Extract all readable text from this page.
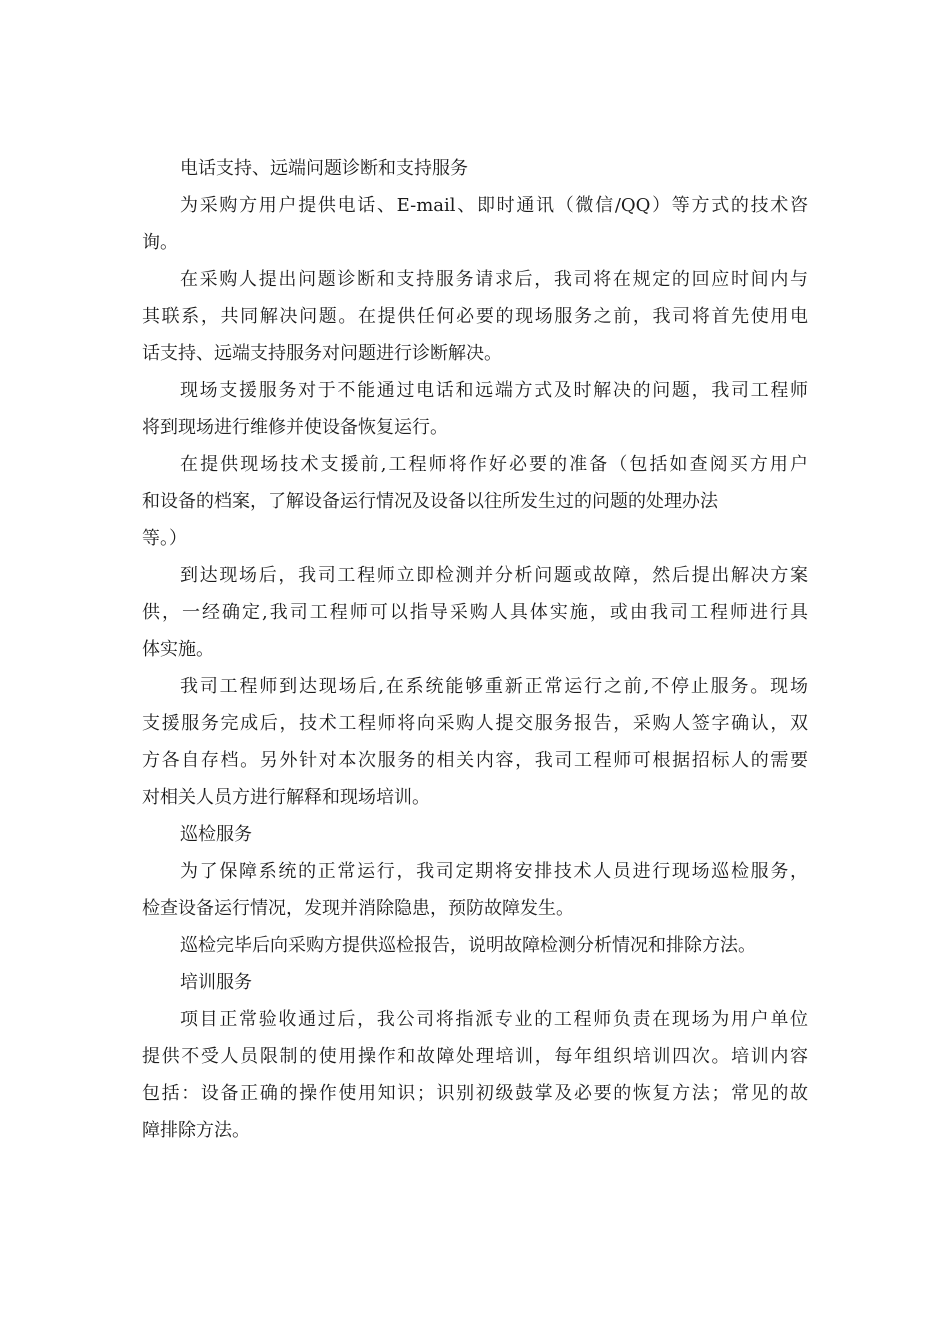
电话支持、远端问题诊断和支持服务
为采购方用户提供电话、E-mail、即时通讯（微信/QQ）等方式的技术咨
询。
在采购人提出问题诊断和支持服务请求后，我司将在规定的回应时间内与
其联系，共同解决问题。在提供任何必要的现场服务之前，我司将首先使用电
话支持、远端支持服务对问题进行诊断解决。
现场支援服务对于不能通过电话和远端方式及时解决的问题，我司工程师
将到现场进行维修并使设备恢复运行。
在提供现场技术支援前,工程师将作好必要的准备（包括如查阅买方用户
和设备的档案，了解设备运行情况及设备以往所发生过的问题的处理办法
等。）
到达现场后，我司工程师立即检测并分析问题或故障，然后提出解决方案
供，一经确定,我司工程师可以指导采购人具体实施，或由我司工程师进行具
体实施。
我司工程师到达现场后,在系统能够重新正常运行之前,不停止服务。现场
支援服务完成后，技术工程师将向采购人提交服务报告，采购人签字确认，双
方各自存档。另外针对本次服务的相关内容，我司工程师可根据招标人的需要
对相关人员方进行解释和现场培训。
巡检服务
为了保障系统的正常运行，我司定期将安排技术人员进行现场巡检服务，
检查设备运行情况，发现并消除隐患，预防故障发生。
巡检完毕后向采购方提供巡检报告，说明故障检测分析情况和排除方法。
培训服务
项目正常验收通过后，我公司将指派专业的工程师负责在现场为用户单位
提供不受人员限制的使用操作和故障处理培训，每年组织培训四次。培训内容
包括：设备正确的操作使用知识；识别初级鼓掌及必要的恢复方法；常见的故
障排除方法。
